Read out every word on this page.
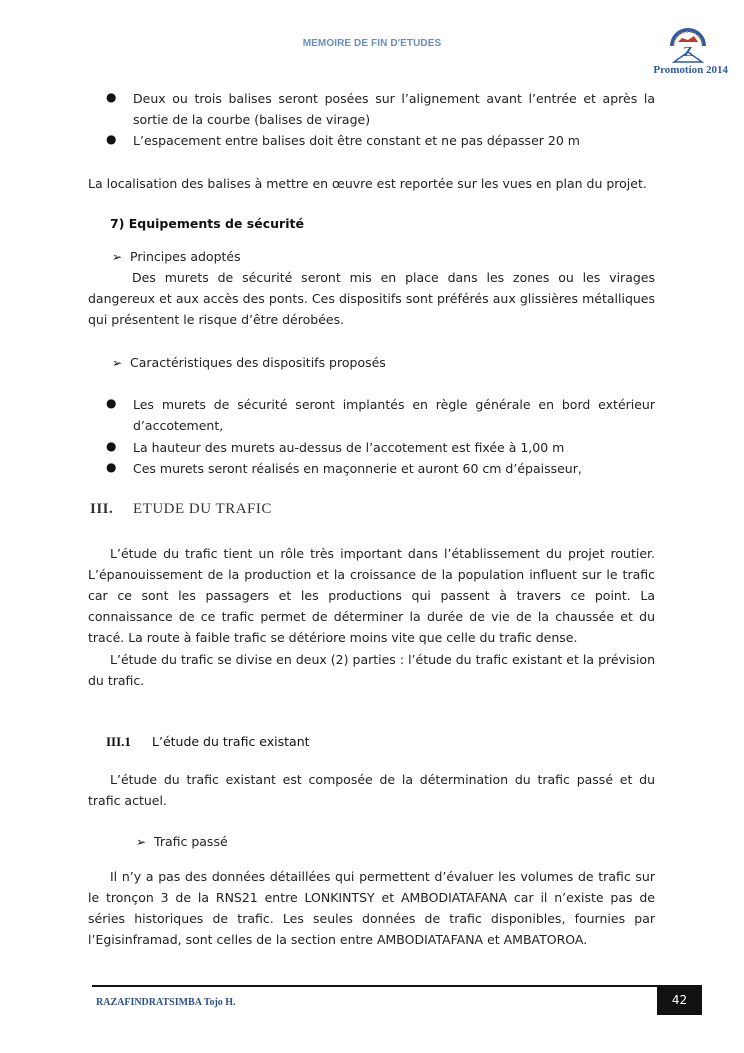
MEMOIRE DE FIN D'ETUDES
Z
Promotion 2014
● Deux ou trois balises seront posées sur l’alignement avant l’entrée et après la sortie de la courbe (balises de virage)
● L’espacement entre balises doit être constant et ne pas dépasser 20 m
La localisation des balises à mettre en œuvre est reportée sur les vues en plan du projet.
7) Equipements de sécurité
➢ Principes adoptés
Des murets de sécurité seront mis en place dans les zones ou les virages dangereux et aux accès des ponts. Ces dispositifs sont préférés aux glissières métalliques qui présentent le risque d’être dérobées.
➢ Caractéristiques des dispositifs proposés
● Les murets de sécurité seront implantés en règle générale en bord extérieur d’accotement,
● La hauteur des murets au-dessus de l’accotement est fixée à 1,00 m
● Ces murets seront réalisés en maçonnerie et auront 60 cm d’épaisseur,
III. ETUDE DU TRAFIC
L’étude du trafic tient un rôle très important dans l’établissement du projet routier. L’épanouissement de la production et la croissance de la population influent sur le trafic car ce sont les passagers et les productions qui passent à travers ce point. La connaissance de ce trafic permet de déterminer la durée de vie de la chaussée et du tracé. La route à faible trafic se détériore moins vite que celle du trafic dense.
L’étude du trafic se divise en deux (2) parties : l’étude du trafic existant et la prévision du trafic.
III.1 L’étude du trafic existant
L’étude du trafic existant est composée de la détermination du trafic passé et du trafic actuel.
➢ Trafic passé
Il n’y a pas des données détaillées qui permettent d’évaluer les volumes de trafic sur le tronçon 3 de la RNS21 entre LONKINTSY et AMBODIATAFANA car il n’existe pas de séries historiques de trafic. Les seules données de trafic disponibles, fournies par l’Egisinframad, sont celles de la section entre AMBODIATAFANA et AMBATOROA.
RAZAFINDRATSIMBA Tojo H.	42
